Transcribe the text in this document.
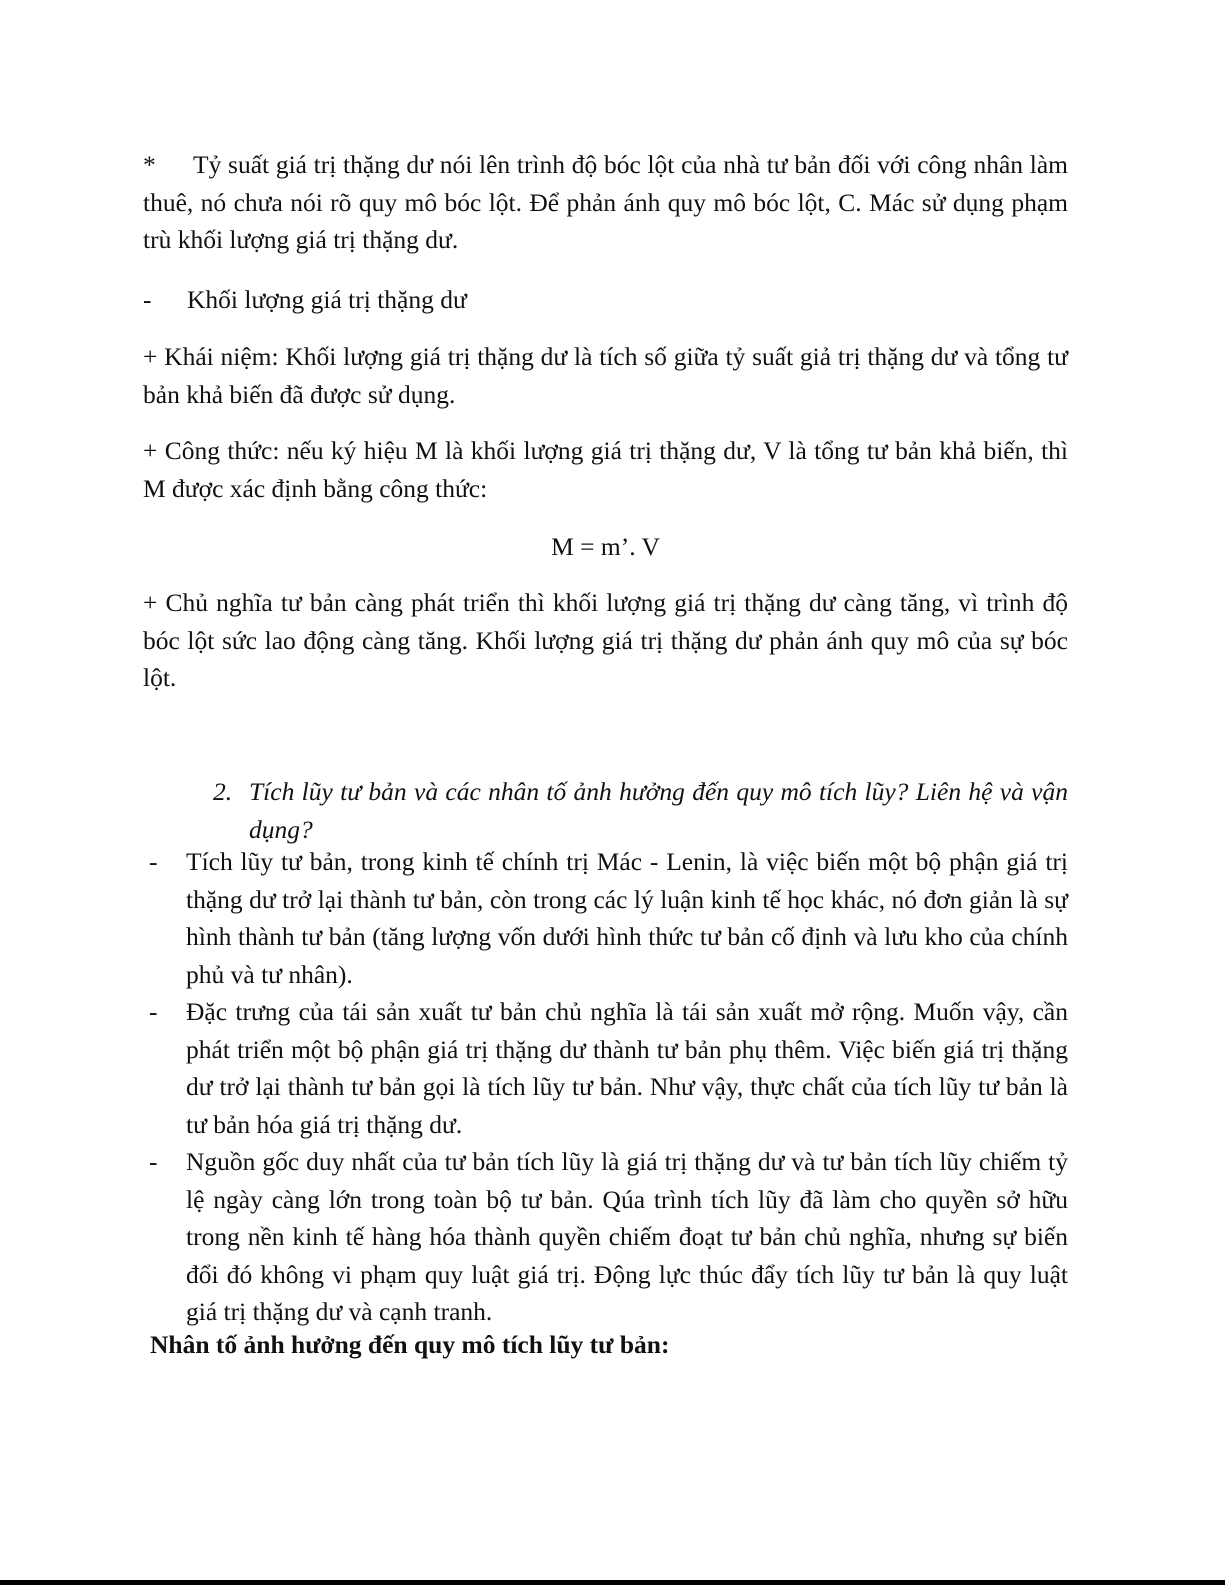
* Tỷ suất giá trị thặng dư nói lên trình độ bóc lột của nhà tư bản đối với công nhân làm thuê, nó chưa nói rõ quy mô bóc lột. Để phản ánh quy mô bóc lột, C. Mác sử dụng phạm trù khối lượng giá trị thặng dư.

- Khối lượng giá trị thặng dư

+ Khái niệm: Khối lượng giá trị thặng dư là tích số giữa tỷ suất giả trị thặng dư và tổng tư bản khả biến đã được sử dụng.

+ Công thức: nếu ký hiệu M là khối lượng giá trị thặng dư, V là tổng tư bản khả biến, thì M được xác định bằng công thức:

M = m’. V

+ Chủ nghĩa tư bản càng phát triển thì khối lượng giá trị thặng dư càng tăng, vì trình độ bóc lột sức lao động càng tăng. Khối lượng giá trị thặng dư phản ánh quy mô của sự bóc lột.

2. Tích lũy tư bản và các nhân tố ảnh hưởng đến quy mô tích lũy? Liên hệ và vận dụng?
- Tích lũy tư bản, trong kinh tế chính trị Mác - Lenin, là việc biến một bộ phận giá trị thặng dư trở lại thành tư bản, còn trong các lý luận kinh tế học khác, nó đơn giản là sự hình thành tư bản (tăng lượng vốn dưới hình thức tư bản cố định và lưu kho của chính phủ và tư nhân).
- Đặc trưng của tái sản xuất tư bản chủ nghĩa là tái sản xuất mở rộng. Muốn vậy, cần phát triển một bộ phận giá trị thặng dư thành tư bản phụ thêm. Việc biến giá trị thặng dư trở lại thành tư bản gọi là tích lũy tư bản. Như vậy, thực chất của tích lũy tư bản là tư bản hóa giá trị thặng dư.
- Nguồn gốc duy nhất của tư bản tích lũy là giá trị thặng dư và tư bản tích lũy chiếm tỷ lệ ngày càng lớn trong toàn bộ tư bản. Qúa trình tích lũy đã làm cho quyền sở hữu trong nền kinh tế hàng hóa thành quyền chiếm đoạt tư bản chủ nghĩa, nhưng sự biến đổi đó không vi phạm quy luật giá trị. Động lực thúc đẩy tích lũy tư bản là quy luật giá trị thặng dư và cạnh tranh.

Nhân tố ảnh hưởng đến quy mô tích lũy tư bản:
